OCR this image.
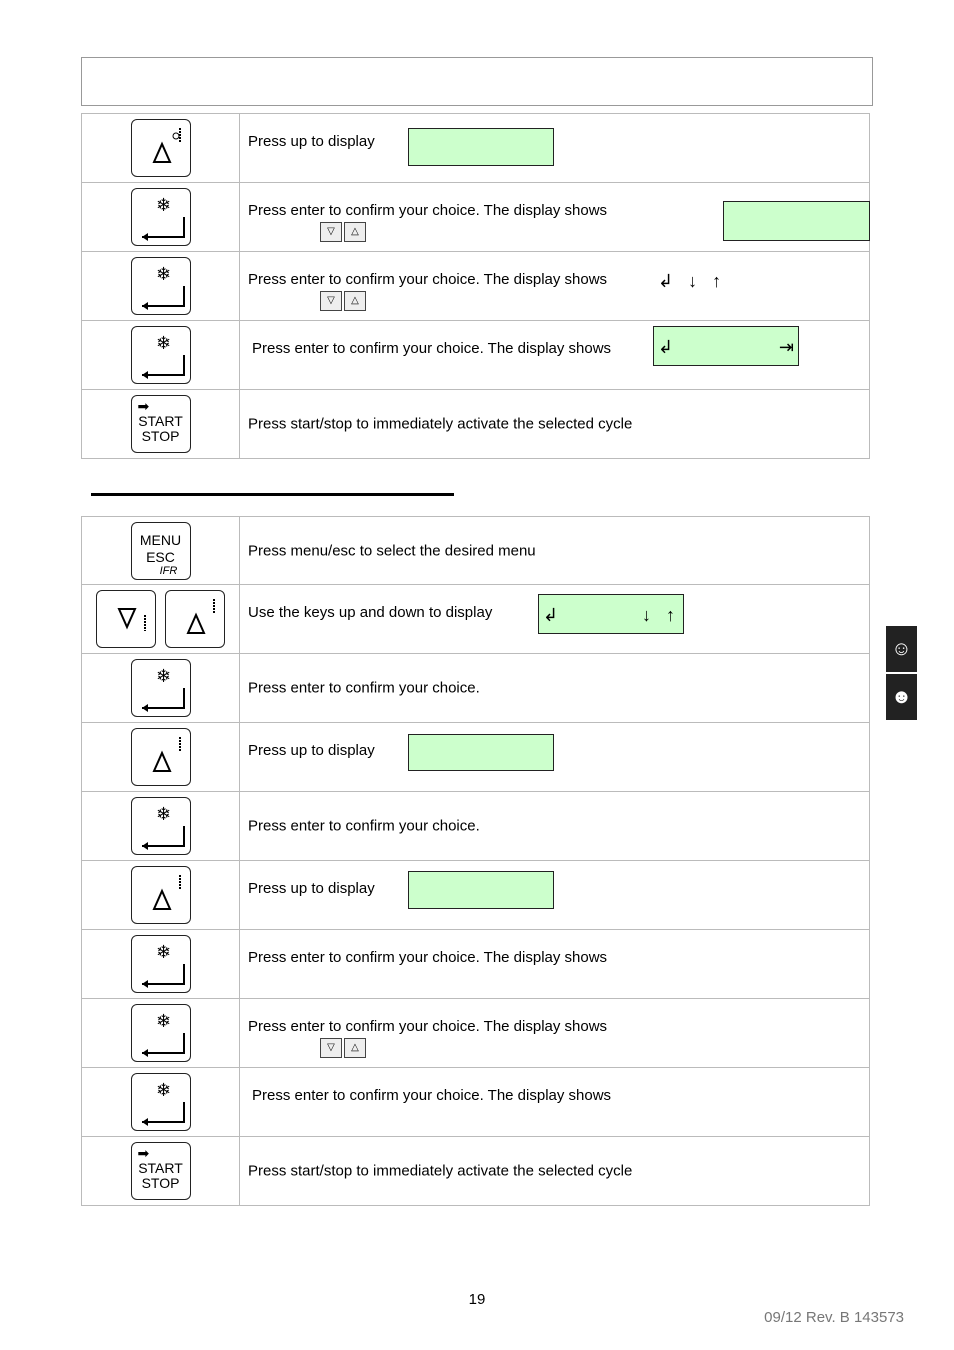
Press up to display

❄	Press enter to confirm your choice. The display shows
▽ △

❄	Press enter to confirm your choice. The display shows ↲   ↓   ↑
▽ △

❄	Press enter to confirm your choice. The display shows ↲ ⇥

➡
START
STOP	Press start/stop to immediately activate the selected cycle
MENU
ESC
IFR	Press menu/esc to select the desired menu

Use the keys up and down to display ↲ ↓   ↑

❄	Press enter to confirm your choice.

Press up to display

❄	Press enter to confirm your choice.

Press up to display

❄	Press enter to confirm your choice. The display shows

❄	Press enter to confirm your choice. The display shows
▽ △

❄	Press enter to confirm your choice. The display shows

➡
START
STOP	Press start/stop to immediately activate the selected cycle
☺
☻
19
09/12 Rev. B 143573
